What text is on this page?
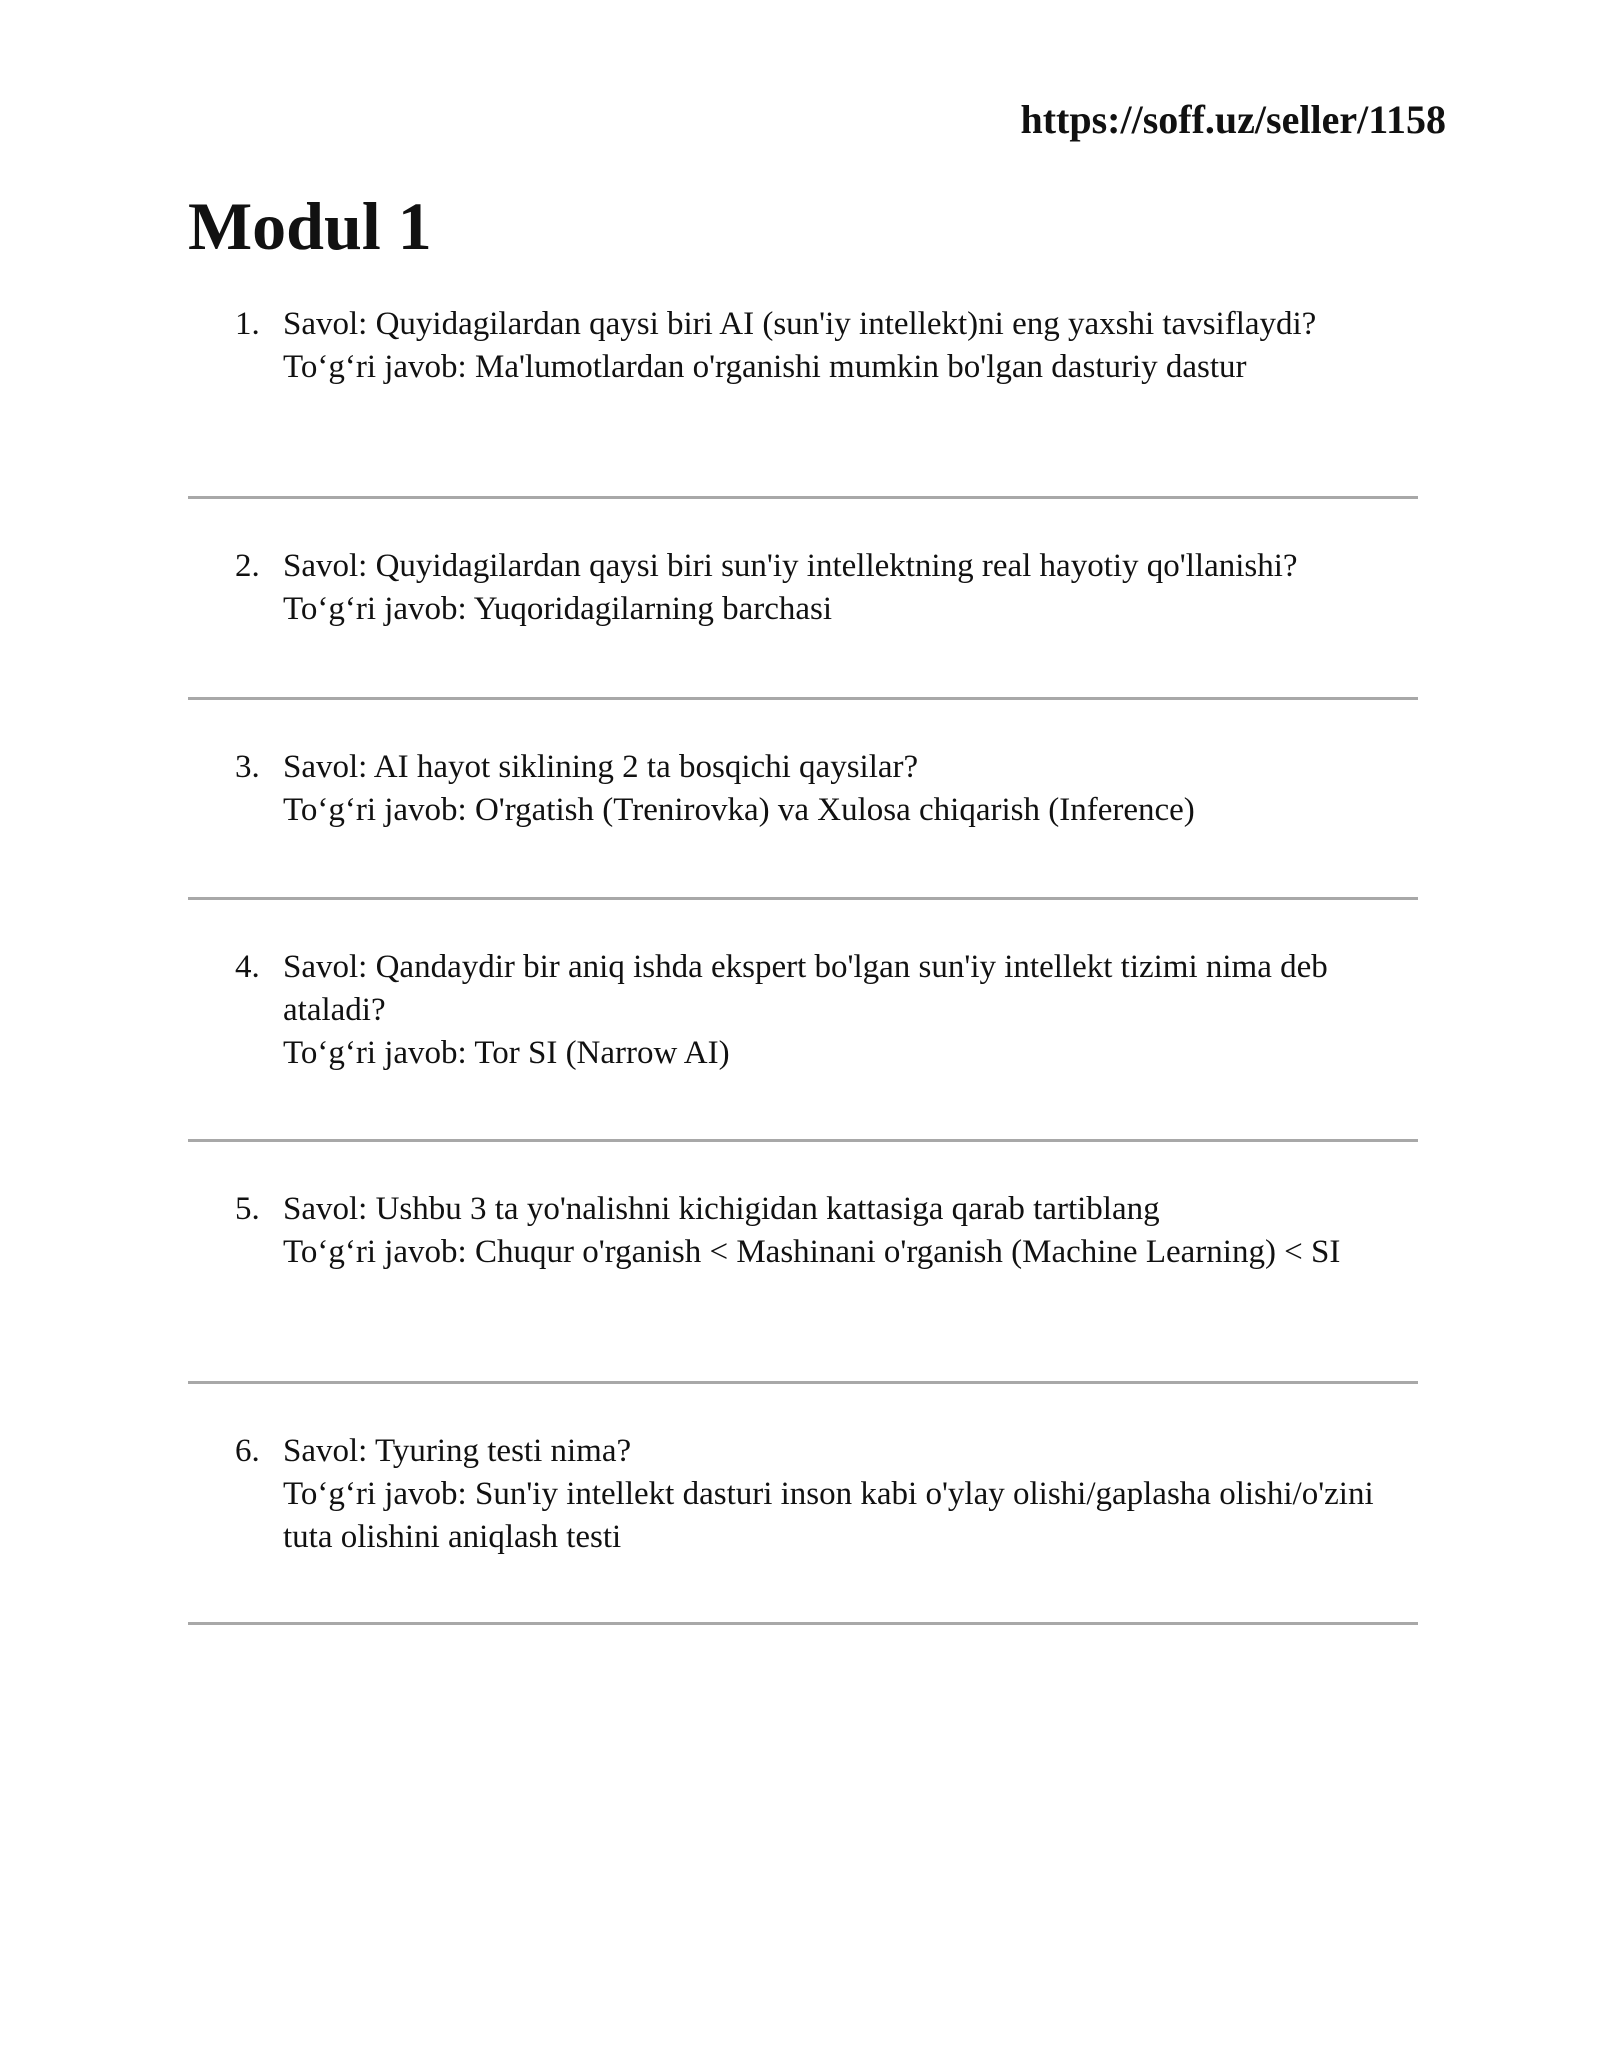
https://soff.uz/seller/1158
Modul 1
1. Savol: Quyidagilardan qaysi biri AI (sun'iy intellekt)ni eng yaxshi tavsiflaydi?
To‘g‘ri javob: Ma'lumotlardan o'rganishi mumkin bo'lgan dasturiy dastur
2. Savol: Quyidagilardan qaysi biri sun'iy intellektning real hayotiy qo'llanishi?
To‘g‘ri javob: Yuqoridagilarning barchasi
3. Savol: AI hayot siklining 2 ta bosqichi qaysilar?
To‘g‘ri javob: O'rgatish (Trenirovka) va Xulosa chiqarish (Inference)
4. Savol: Qandaydir bir aniq ishda ekspert bo'lgan sun'iy intellekt tizimi nima deb ataladi?
To‘g‘ri javob: Tor SI (Narrow AI)
5. Savol: Ushbu 3 ta yo'nalishni kichigidan kattasiga qarab tartiblang
To‘g‘ri javob: Chuqur o'rganish < Mashinani o'rganish (Machine Learning) < SI
6. Savol: Tyuring testi nima?
To‘g‘ri javob: Sun'iy intellekt dasturi inson kabi o'ylay olishi/gaplasha olishi/o'zini tuta olishini aniqlash testi
